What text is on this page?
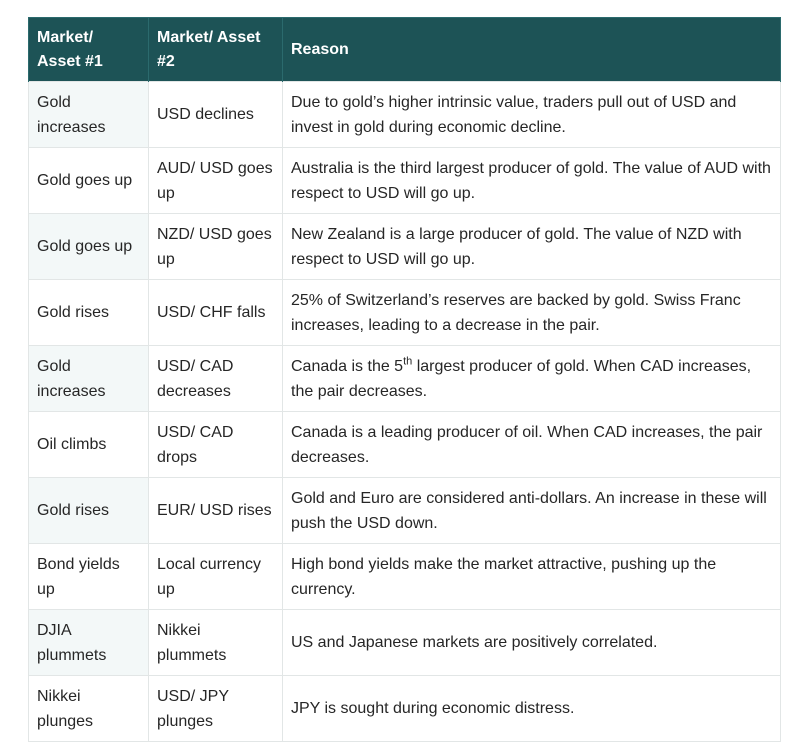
Market/ Asset #1	Market/ Asset #2	Reason
Gold increases	USD declines	Due to gold’s higher intrinsic value, traders pull out of USD and invest in gold during economic decline.
Gold goes up	AUD/ USD goes up	Australia is the third largest producer of gold. The value of AUD with respect to USD will go up.
Gold goes up	NZD/ USD goes up	New Zealand is a large producer of gold. The value of NZD with respect to USD will go up.
Gold rises	USD/ CHF falls	25% of Switzerland’s reserves are backed by gold. Swiss Franc increases, leading to a decrease in the pair.
Gold increases	USD/ CAD decreases	Canada is the 5th largest producer of gold. When CAD increases, the pair decreases.
Oil climbs	USD/ CAD drops	Canada is a leading producer of oil. When CAD increases, the pair decreases.
Gold rises	EUR/ USD rises	Gold and Euro are considered anti-dollars. An increase in these will push the USD down.
Bond yields up	Local currency up	High bond yields make the market attractive, pushing up the currency.
DJIA plummets	Nikkei plummets	US and Japanese markets are positively correlated.
Nikkei plunges	USD/ JPY plunges	JPY is sought during economic distress.
